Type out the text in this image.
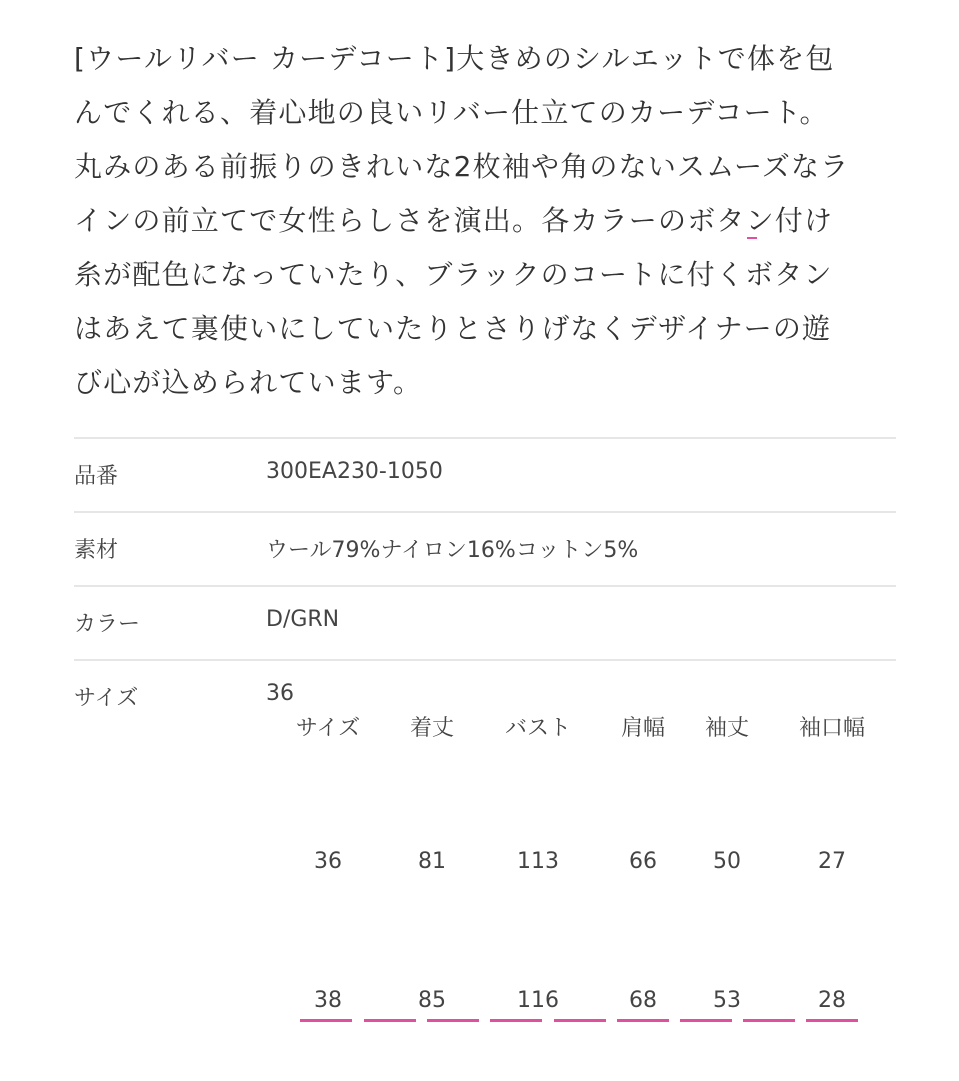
[ウールリバー カーデコート]大きめのシルエットで体を包
んでくれる、着心地の良いリバー仕立てのカーデコート。
丸みのある前振りのきれいな2枚袖や角のないスムーズなラ
インの前立てで女性らしさを演出。各カラーのボタン付け
糸が配色になっていたり、ブラックのコートに付くボタン
はあえて裏使いにしていたりとさりげなくデザイナーの遊
び心が込められています。
品番	300EA230-1050
素材	ウール79%ナイロン16%コットン5%
カラー	D/GRN
サイズ	36
サイズ 着丈 バスト 肩幅 袖丈 袖口幅
36	81	113	66	50	27
38	85	116	68	53	28
